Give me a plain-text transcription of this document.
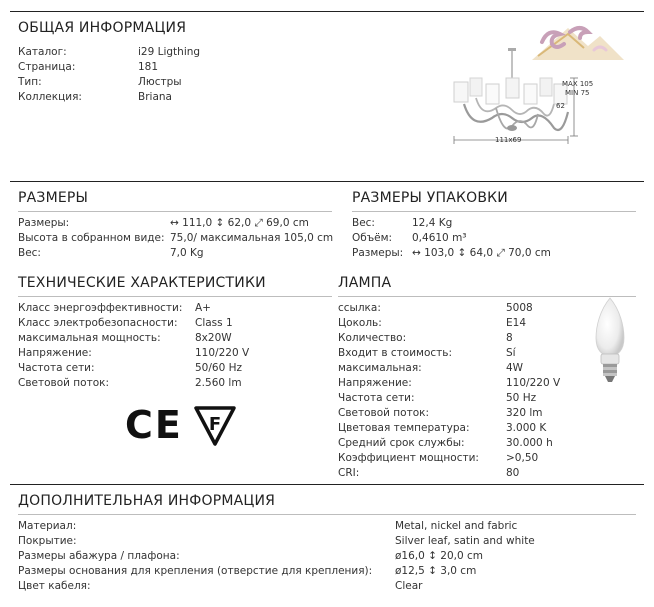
ОБЩАЯ ИНФОРМАЦИЯ
Каталог:	i29 Ligthing
Страница:	181
Тип:	Люстры
Коллекция:	Briana
MAX 105
MIN 75
62
111x69
РАЗМЕРЫ
Размеры:	↔ 111,0 ↕ 62,0 ⤢ 69,0 cm
Высота в собранном виде: 75,0/ максимальная 105,0 cm
Вес:	7,0 Kg
РАЗМЕРЫ УПАКОВКИ
Вес:	12,4 Kg
Объём: 0,4610 m³
Размеры: ↔ 103,0 ↕ 64,0 ⤢ 70,0 cm
ТЕХНИЧЕСКИЕ ХАРАКТЕРИСТИКИ
Класс энергоэффективности: A+
Класс электробезопасности: Class 1
максимальная мощность:	8x20W
Напряжение:	110/220 V
Частота сети:	50/60 Hz
Световой поток:	2.560 lm
CE F
ЛАМПА
ссылка:	5008
Цоколь:	E14
Количество:	8
Входит в стоимость:	Sí
максимальная:	4W
Напряжение:	110/220 V
Частота сети:	50 Hz
Световой поток:	320 lm
Цветовая температура:	3.000 K
Средний срок службы:	30.000 h
Коэффициент мощности:	>0,50
CRI:	80
ДОПОЛНИТЕЛЬНАЯ ИНФОРМАЦИЯ
Материал:	Metal, nickel and fabric
Покрытие:	Silver leaf, satin and white
Размеры абажура / плафона:	ø16,0 ↕ 20,0 cm
Размеры основания для крепления (отверстие для крепления): ø12,5 ↕ 3,0 cm
Цвет кабеля:	Clear
